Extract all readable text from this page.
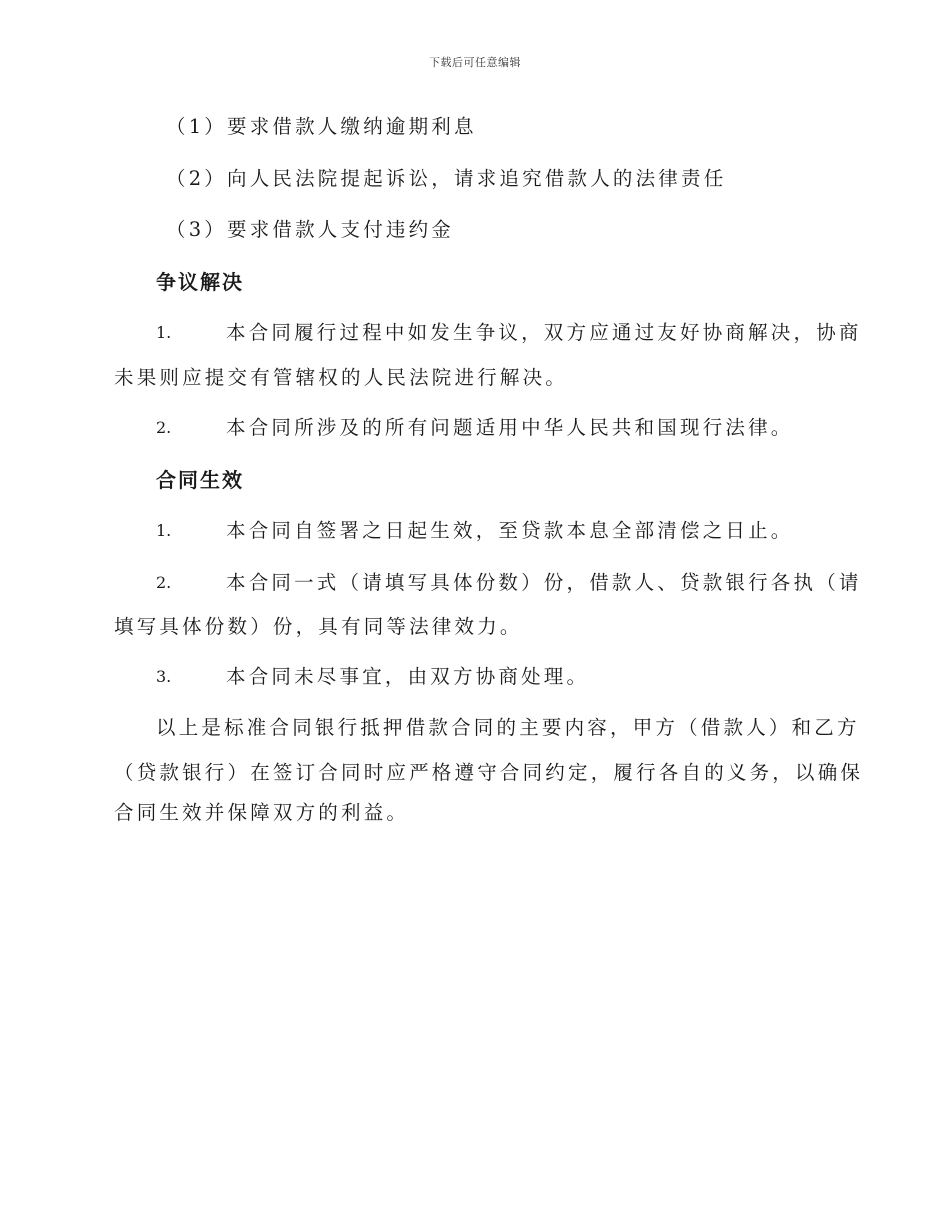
下载后可任意编辑
（1）要求借款人缴纳逾期利息
（2）向人民法院提起诉讼，请求追究借款人的法律责任
（3）要求借款人支付违约金
争议解决
1.	本合同履行过程中如发生争议，双方应通过友好协商解决，协商
未果则应提交有管辖权的人民法院进行解决。
2.	本合同所涉及的所有问题适用中华人民共和国现行法律。
合同生效
1.	本合同自签署之日起生效，至贷款本息全部清偿之日止。
2.	本合同一式（请填写具体份数）份，借款人、贷款银行各执（请
填写具体份数）份，具有同等法律效力。
3.	本合同未尽事宜，由双方协商处理。
以上是标准合同银行抵押借款合同的主要内容，甲方（借款人）和乙方
（贷款银行）在签订合同时应严格遵守合同约定，履行各自的义务，以确保
合同生效并保障双方的利益。
